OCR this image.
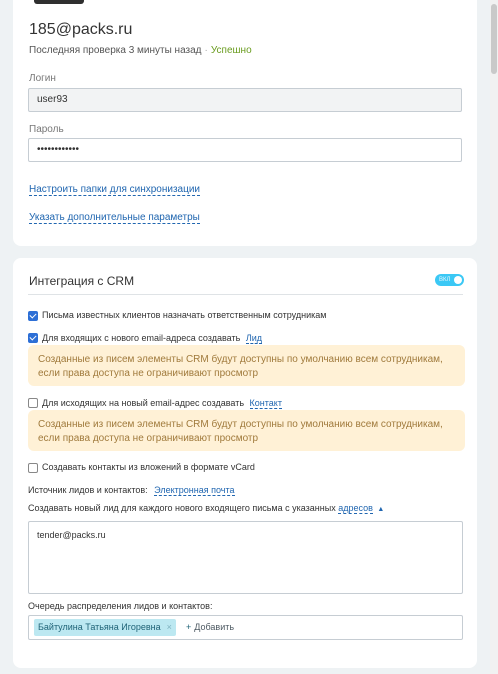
185@packs.ru
Последняя проверка 3 минуты назад · Успешно
Логин
user93
Пароль
••••••••••••
Настроить папки для синхронизации
Указать дополнительные параметры
Интеграция с CRM	ВКЛ
Письма известных клиентов назначать ответственным сотрудникам
Для входящих с нового email-адреса создавать Лид
Созданные из писем элементы CRM будут доступны по умолчанию всем сотрудникам, если права доступа не ограничивают просмотр
Для исходящих на новый email-адрес создавать Контакт
Созданные из писем элементы CRM будут доступны по умолчанию всем сотрудникам, если права доступа не ограничивают просмотр
Создавать контакты из вложений в формате vCard
Источник лидов и контактов: Электронная почта
Создавать новый лид для каждого нового входящего письма с указанных адресов ▲
tender@packs.ru
Очередь распределения лидов и контактов:
Байтулина Татьяна Игоревна ×	+ Добавить
